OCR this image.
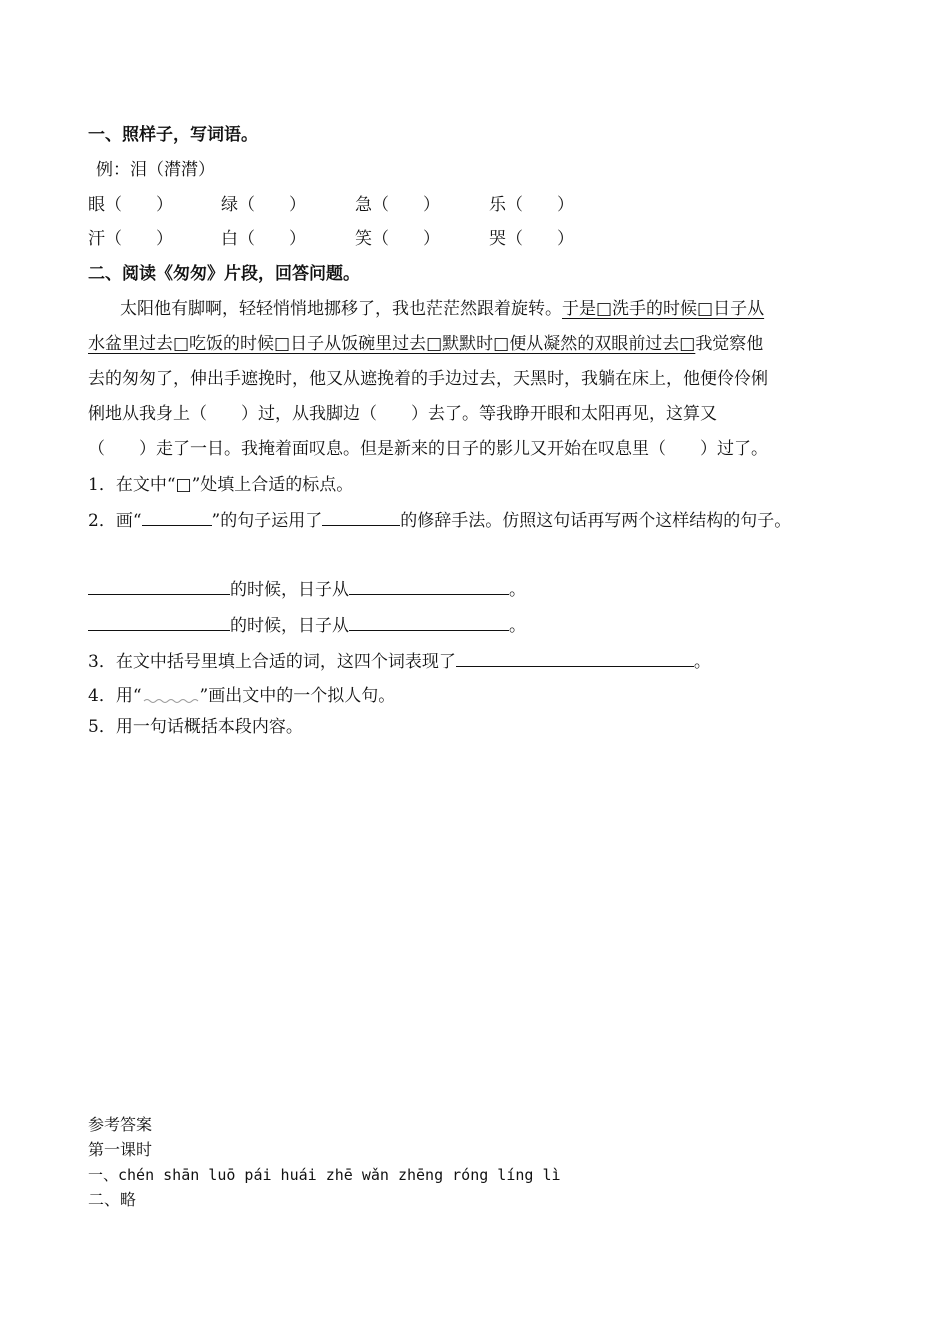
一、照样子，写词语。
例：泪（潸潸）
眼（　　）	绿（　　）	急（　　）	乐（　　）
汗（　　）	白（　　）	笑（　　）	哭（　　）
二、阅读《匆匆》片段，回答问题。
太阳他有脚啊，轻轻悄悄地挪移了，我也茫茫然跟着旋转。于是□洗手的时候□日子从
水盆里过去□吃饭的时候□日子从饭碗里过去□默默时□便从凝然的双眼前过去□我觉察他
去的匆匆了，伸出手遮挽时，他又从遮挽着的手边过去，天黑时，我躺在床上，他便伶伶俐
俐地从我身上（　　）过，从我脚边（　　）去了。等我睁开眼和太阳再见，这算又
（　　）走了一日。我掩着面叹息。但是新来的日子的影儿又开始在叹息里（　　）过了。
1．在文中“□”处填上合适的标点。
2．画“	”的句子运用了	的修辞手法。仿照这句话再写两个这样结构的句子。
的时候，日子从	。
的时候，日子从	。
3．在文中括号里填上合适的词，这四个词表现了	。
4．用“	”画出文中的一个拟人句。
5．用一句话概括本段内容。
参考答案
第一课时
一、chén shān luō pái huái zhē wǎn zhēng róng líng lì
二、略
